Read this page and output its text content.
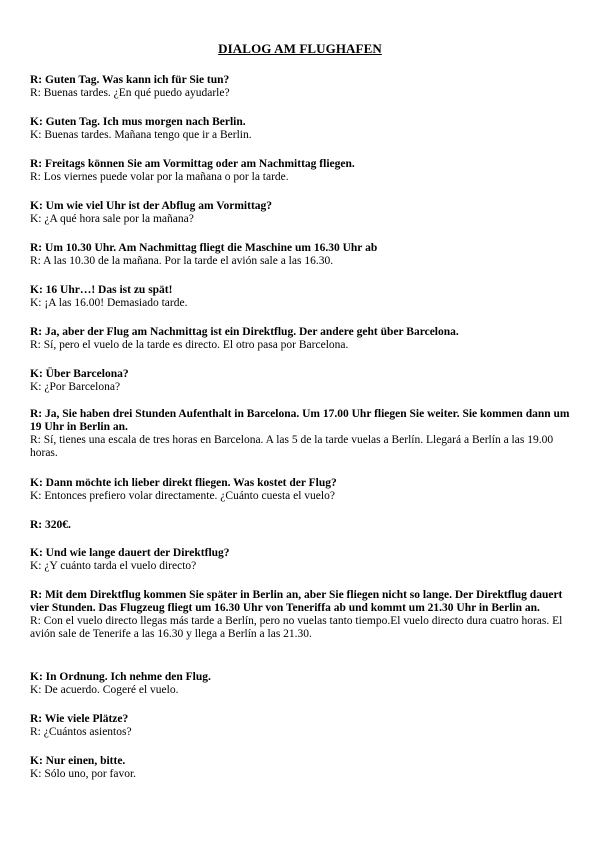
DIALOG AM FLUGHAFEN
R: Guten Tag. Was kann ich für Sie tun?
R: Buenas tardes. ¿En qué puedo ayudarle?
K: Guten Tag. Ich mus morgen nach Berlin.
K: Buenas tardes. Mañana tengo que ir a Berlin.
R: Freitags können Sie am Vormittag oder am Nachmittag fliegen.
R: Los viernes puede volar por la mañana o por la tarde.
K: Um wie viel Uhr ist der Abflug am Vormittag?
K: ¿A qué hora sale por la mañana?
R: Um 10.30 Uhr. Am Nachmittag fliegt die Maschine um 16.30 Uhr ab
R: A las 10.30 de la mañana. Por la tarde el avión sale a las 16.30.
K: 16 Uhr…! Das ist zu spät!
K: ¡A las 16.00! Demasiado tarde.
R: Ja, aber der Flug am Nachmittag ist ein Direktflug. Der andere geht über Barcelona.
R: Sí, pero el vuelo de la tarde es directo. El otro pasa por Barcelona.
K: Über Barcelona?
K: ¿Por Barcelona?
R: Ja, Sie haben drei Stunden Aufenthalt in Barcelona. Um 17.00 Uhr fliegen Sie weiter. Sie kommen dann um 19 Uhr in Berlin an.
R: Sí, tienes una escala de tres horas en Barcelona. A las 5 de la tarde vuelas a Berlín. Llegará a Berlín a las 19.00 horas.
K: Dann möchte ich lieber direkt fliegen. Was kostet der Flug?
K: Entonces prefiero volar directamente. ¿Cuánto cuesta el vuelo?
R: 320€.
K: Und wie lange dauert der Direktflug?
K: ¿Y cuánto tarda el vuelo directo?
R: Mit dem Direktflug kommen Sie später in Berlin an, aber Sie fliegen nicht so lange. Der Direktflug dauert vier Stunden. Das Flugzeug fliegt um 16.30 Uhr von Teneriffa ab und kommt um 21.30 Uhr in Berlin an.
R: Con el vuelo directo llegas más tarde a Berlín, pero no vuelas tanto tiempo.El vuelo directo dura cuatro horas. El avión sale de Tenerife a las 16.30 y llega a Berlín a las 21.30.
K: In Ordnung. Ich nehme den Flug.
K: De acuerdo. Cogeré el vuelo.
R: Wie viele Plätze?
R: ¿Cuántos asientos?
K: Nur einen, bitte.
K: Sólo uno, por favor.
